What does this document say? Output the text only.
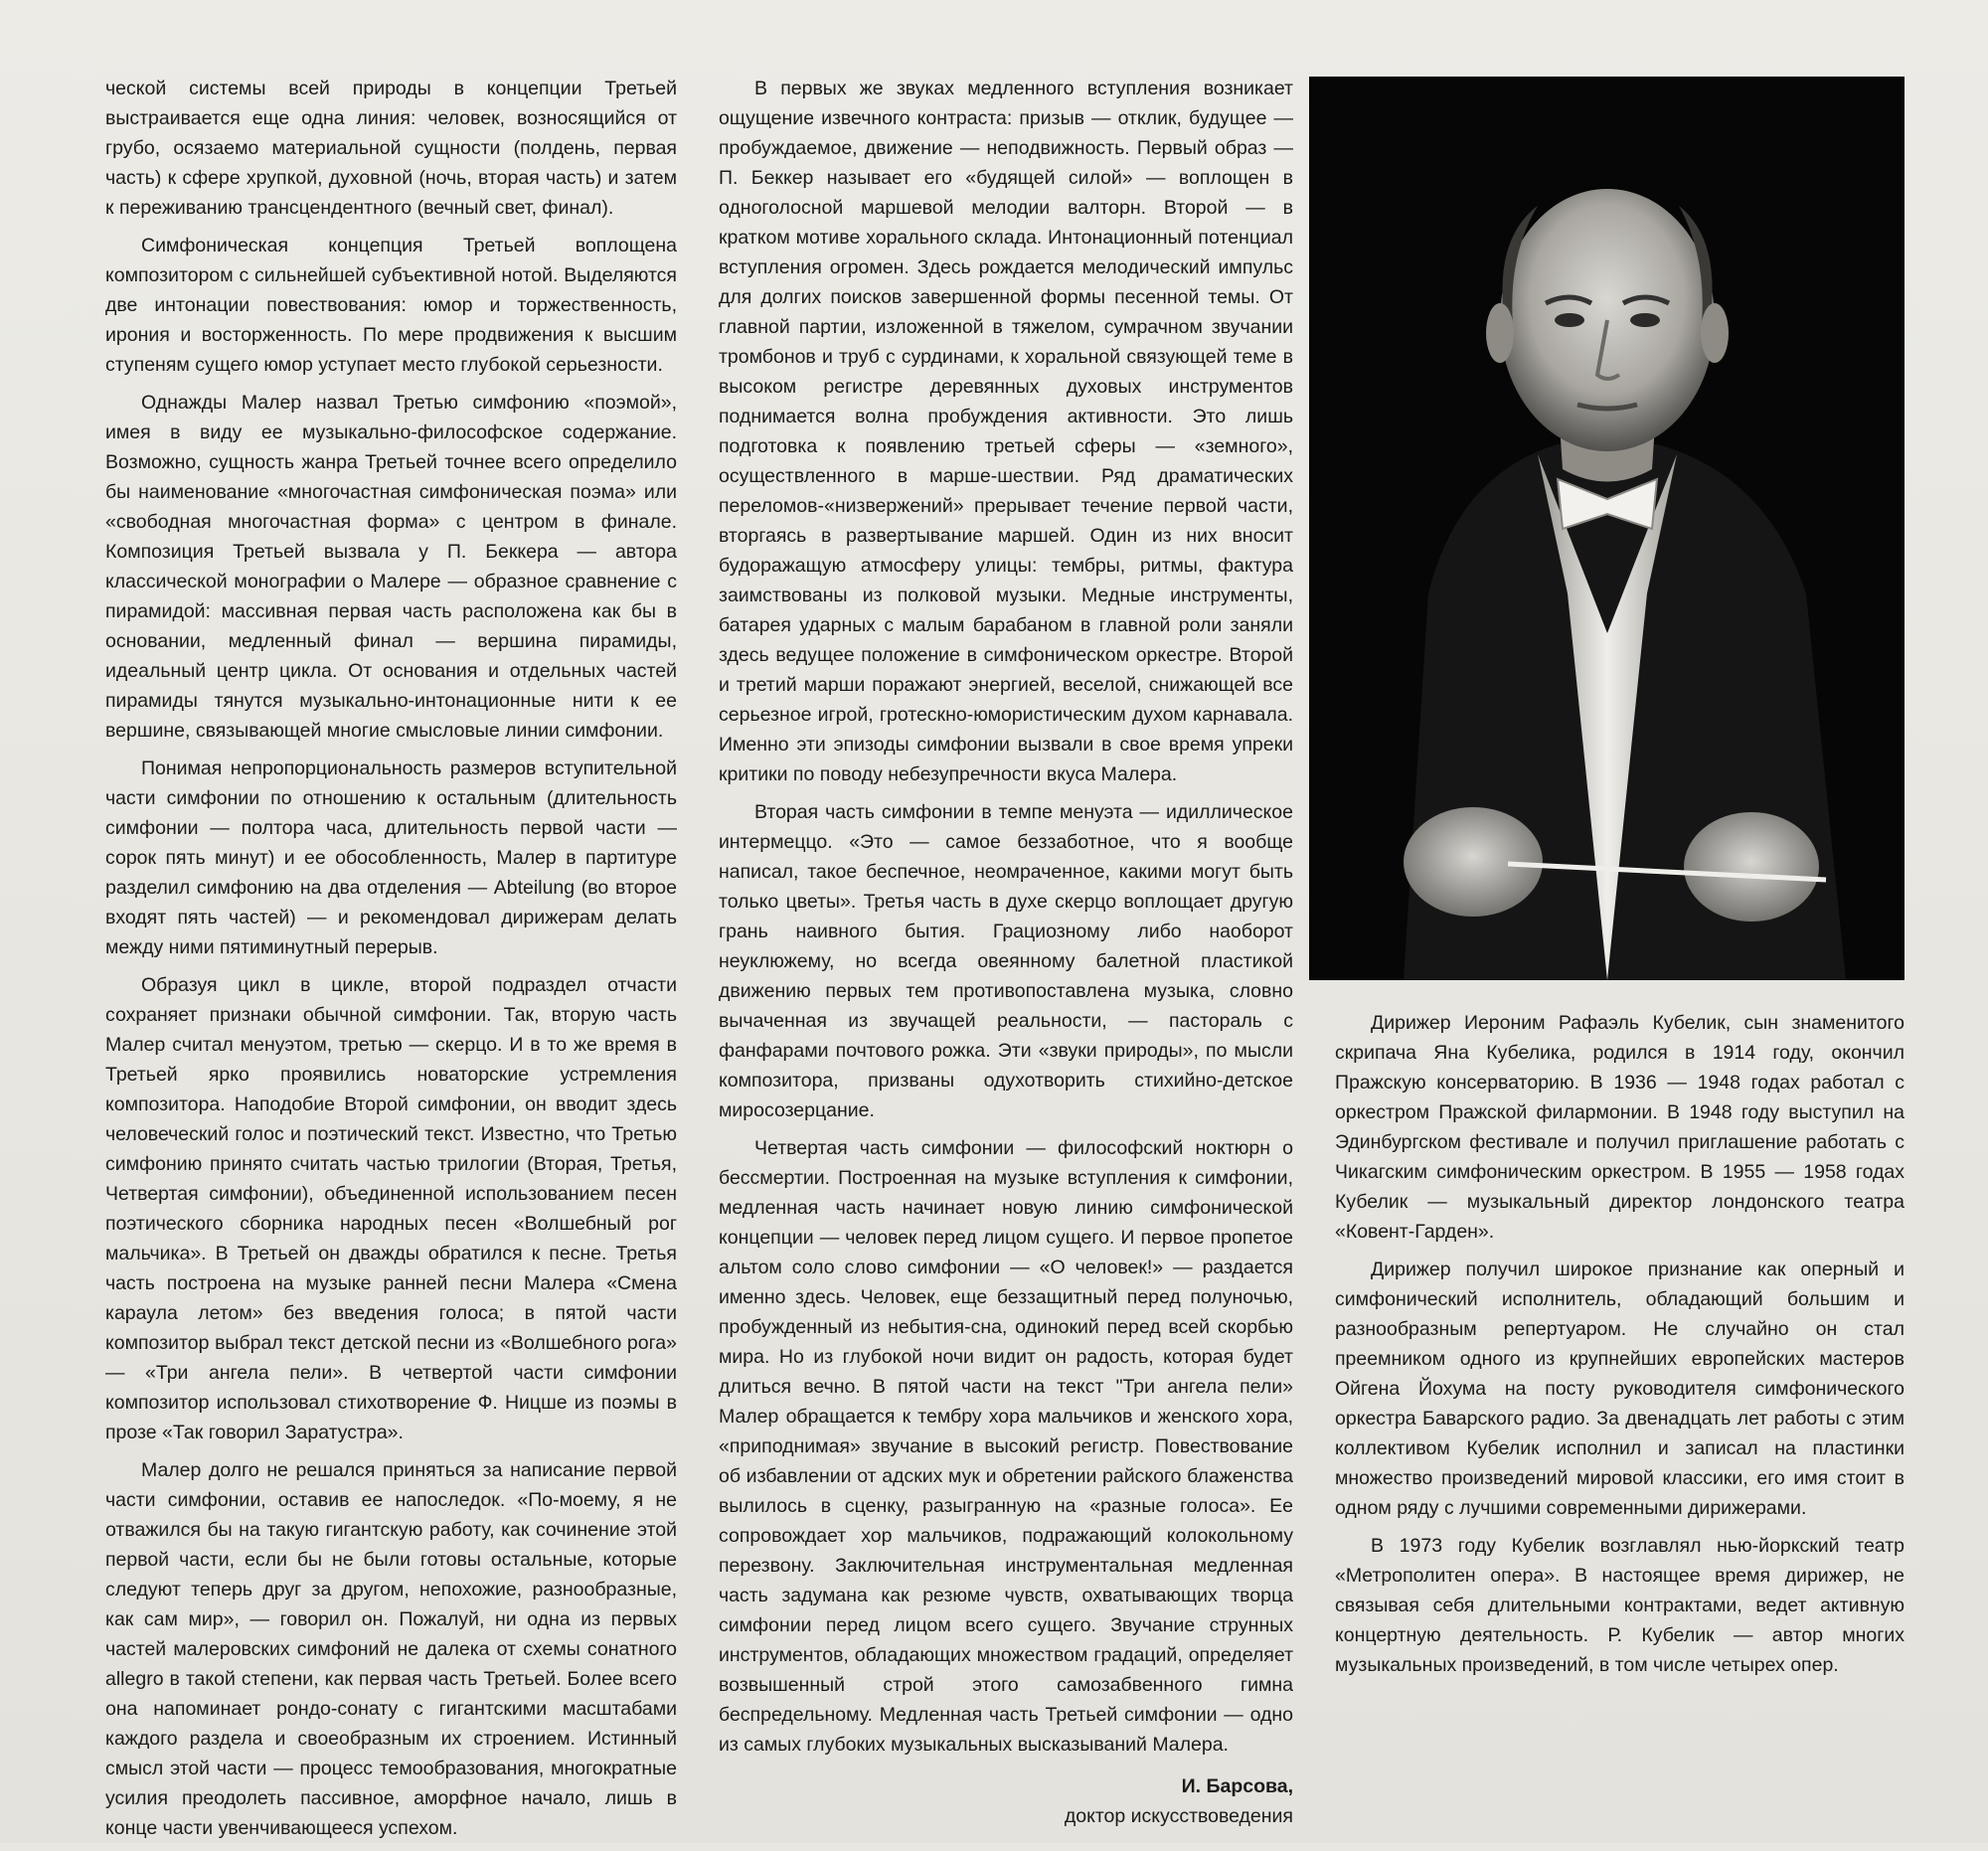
ческой системы всей природы в концепции Третьей выстраивается еще одна линия: человек, возносящийся от грубо, осязаемо материальной сущности (полдень, первая часть) к сфере хрупкой, духовной (ночь, вторая часть) и затем к переживанию трансцендентного (вечный свет, финал).

Симфоническая концепция Третьей воплощена композитором с сильнейшей субъективной нотой. Выделяются две интонации повествования: юмор и торжественность, ирония и восторженность. По мере продвижения к высшим ступеням сущего юмор уступает место глубокой серьезности.

Однажды Малер назвал Третью симфонию «поэмой», имея в виду ее музыкально-философское содержание. Возможно, сущность жанра Третьей точнее всего определило бы наименование «многочастная симфоническая поэма» или «свободная многочастная форма» с центром в финале. Композиция Третьей вызвала у П. Беккера — автора классической монографии о Малере — образное сравнение с пирамидой: массивная первая часть расположена как бы в основании, медленный финал — вершина пирамиды, идеальный центр цикла. От основания и отдельных частей пирамиды тянутся музыкально-интонационные нити к ее вершине, связывающей многие смысловые линии симфонии.

Понимая непропорциональность размеров вступительной части симфонии по отношению к остальным (длительность симфонии — полтора часа, длительность первой части — сорок пять минут) и ее обособленность, Малер в партитуре разделил симфонию на два отделения — Abteilung (во второе входят пять частей) — и рекомендовал дирижерам делать между ними пятиминутный перерыв.

Образуя цикл в цикле, второй подраздел отчасти сохраняет признаки обычной симфонии. Так, вторую часть Малер считал менуэтом, третью — скерцо. И в то же время в Третьей ярко проявились новаторские устремления композитора. Наподобие Второй симфонии, он вводит здесь человеческий голос и поэтический текст. Известно, что Третью симфонию принято считать частью трилогии (Вторая, Третья, Четвертая симфонии), объединенной использованием песен поэтического сборника народных песен «Волшебный рог мальчика». В Третьей он дважды обратился к песне. Третья часть построена на музыке ранней песни Малера «Смена караула летом» без введения голоса; в пятой части композитор выбрал текст детской песни из «Волшебного рога» — «Три ангела пели». В четвертой части симфонии композитор использовал стихотворение Ф. Ницше из поэмы в прозе «Так говорил Заратустра».

Малер долго не решался приняться за написание первой части симфонии, оставив ее напоследок. «По-моему, я не отважился бы на такую гигантскую работу, как сочинение этой первой части, если бы не были готовы остальные, которые следуют теперь друг за другом, непохожие, разнообразные, как сам мир», — говорил он. Пожалуй, ни одна из первых частей малеровских симфоний не далека от схемы сонатного allegro в такой степени, как первая часть Третьей. Более всего она напоминает рондо-сонату с гигантскими масштабами каждого раздела и своеобразным их строением. Истинный смысл этой части — процесс темообразования, многократные усилия преодолеть пассивное, аморфное начало, лишь в конце части увенчивающееся успехом.

В первых же звуках медленного вступления возникает ощущение извечного контраста: призыв — отклик, будущее — пробуждаемое, движение — неподвижность. Первый образ — П. Беккер называет его «будящей силой» — воплощен в одноголосной маршевой мелодии валторн. Второй — в кратком мотиве хорального склада. Интонационный потенциал вступления огромен. Здесь рождается мелодический импульс для долгих поисков завершенной формы песенной темы. От главной партии, изложенной в тяжелом, сумрачном звучании тромбонов и труб с сурдинами, к хоральной связующей теме в высоком регистре деревянных духовых инструментов поднимается волна пробуждения активности. Это лишь подготовка к появлению третьей сферы — «земного», осуществленного в марше-шествии. Ряд драматических переломов-«низвержений» прерывает течение первой части, вторгаясь в развертывание маршей. Один из них вносит будоражащую атмосферу улицы: тембры, ритмы, фактура заимствованы из полковой музыки. Медные инструменты, батарея ударных с малым барабаном в главной роли заняли здесь ведущее положение в симфоническом оркестре. Второй и третий марши поражают энергией, веселой, снижающей все серьезное игрой, гротескно-юмористическим духом карнавала. Именно эти эпизоды симфонии вызвали в свое время упреки критики по поводу небезупречности вкуса Малера.

Вторая часть симфонии в темпе менуэта — идиллическое интермеццо. «Это — самое беззаботное, что я вообще написал, такое беспечное, неомраченное, какими могут быть только цветы». Третья часть в духе скерцо воплощает другую грань наивного бытия. Грациозному либо наоборот неуклюжему, но всегда овеянному балетной пластикой движению первых тем противопоставлена музыка, словно вычаченная из звучащей реальности, — пастораль с фанфарами почтового рожка. Эти «звуки природы», по мысли композитора, призваны одухотворить стихийно-детское миросозерцание.

Четвертая часть симфонии — философский ноктюрн о бессмертии. Построенная на музыке вступления к симфонии, медленная часть начинает новую линию симфонической концепции — человек перед лицом сущего. И первое пропетое альтом соло слово симфонии — «О человек!» — раздается именно здесь. Человек, еще беззащитный перед полуночью, пробужденный из небытия-сна, одинокий перед всей скорбью мира. Но из глубокой ночи видит он радость, которая будет длиться вечно. В пятой части на текст "Три ангела пели» Малер обращается к тембру хора мальчиков и женского хора, «приподнимая» звучание в высокий регистр. Повествование об избавлении от адских мук и обретении райского блаженства вылилось в сценку, разыгранную на «разные голоса». Ее сопровождает хор мальчиков, подражающий колокольному перезвону. Заключительная инструментальная медленная часть задумана как резюме чувств, охватывающих творца симфонии перед лицом всего сущего. Звучание струнных инструментов, обладающих множеством градаций, определяет возвышенный строй этого самозабвенного гимна беспредельному. Медленная часть Третьей симфонии — одно из самых глубоких музыкальных высказываний Малера.

И. Барсова,
доктор искусствоведения

Дирижер Иероним Рафаэль Кубелик, сын знаменитого скрипача Яна Кубелика, родился в 1914 году, окончил Пражскую консерваторию. В 1936 — 1948 годах работал с оркестром Пражской филармонии. В 1948 году выступил на Эдинбургском фестивале и получил приглашение работать с Чикагским симфоническим оркестром. В 1955 — 1958 годах Кубелик — музыкальный директор лондонского театра «Ковент-Гарден».

Дирижер получил широкое признание как оперный и симфонический исполнитель, обладающий большим и разнообразным репертуаром. Не случайно он стал преемником одного из крупнейших европейских мастеров Ойгена Йохума на посту руководителя симфонического оркестра Баварского радио. За двенадцать лет работы с этим коллективом Кубелик исполнил и записал на пластинки множество произведений мировой классики, его имя стоит в одном ряду с лучшими современными дирижерами.

В 1973 году Кубелик возглавлял нью-йоркский театр «Метрополитен опера». В настоящее время дирижер, не связывая себя длительными контрактами, ведет активную концертную деятельность. Р. Кубелик — автор многих музыкальных произведений, в том числе четырех опер.
